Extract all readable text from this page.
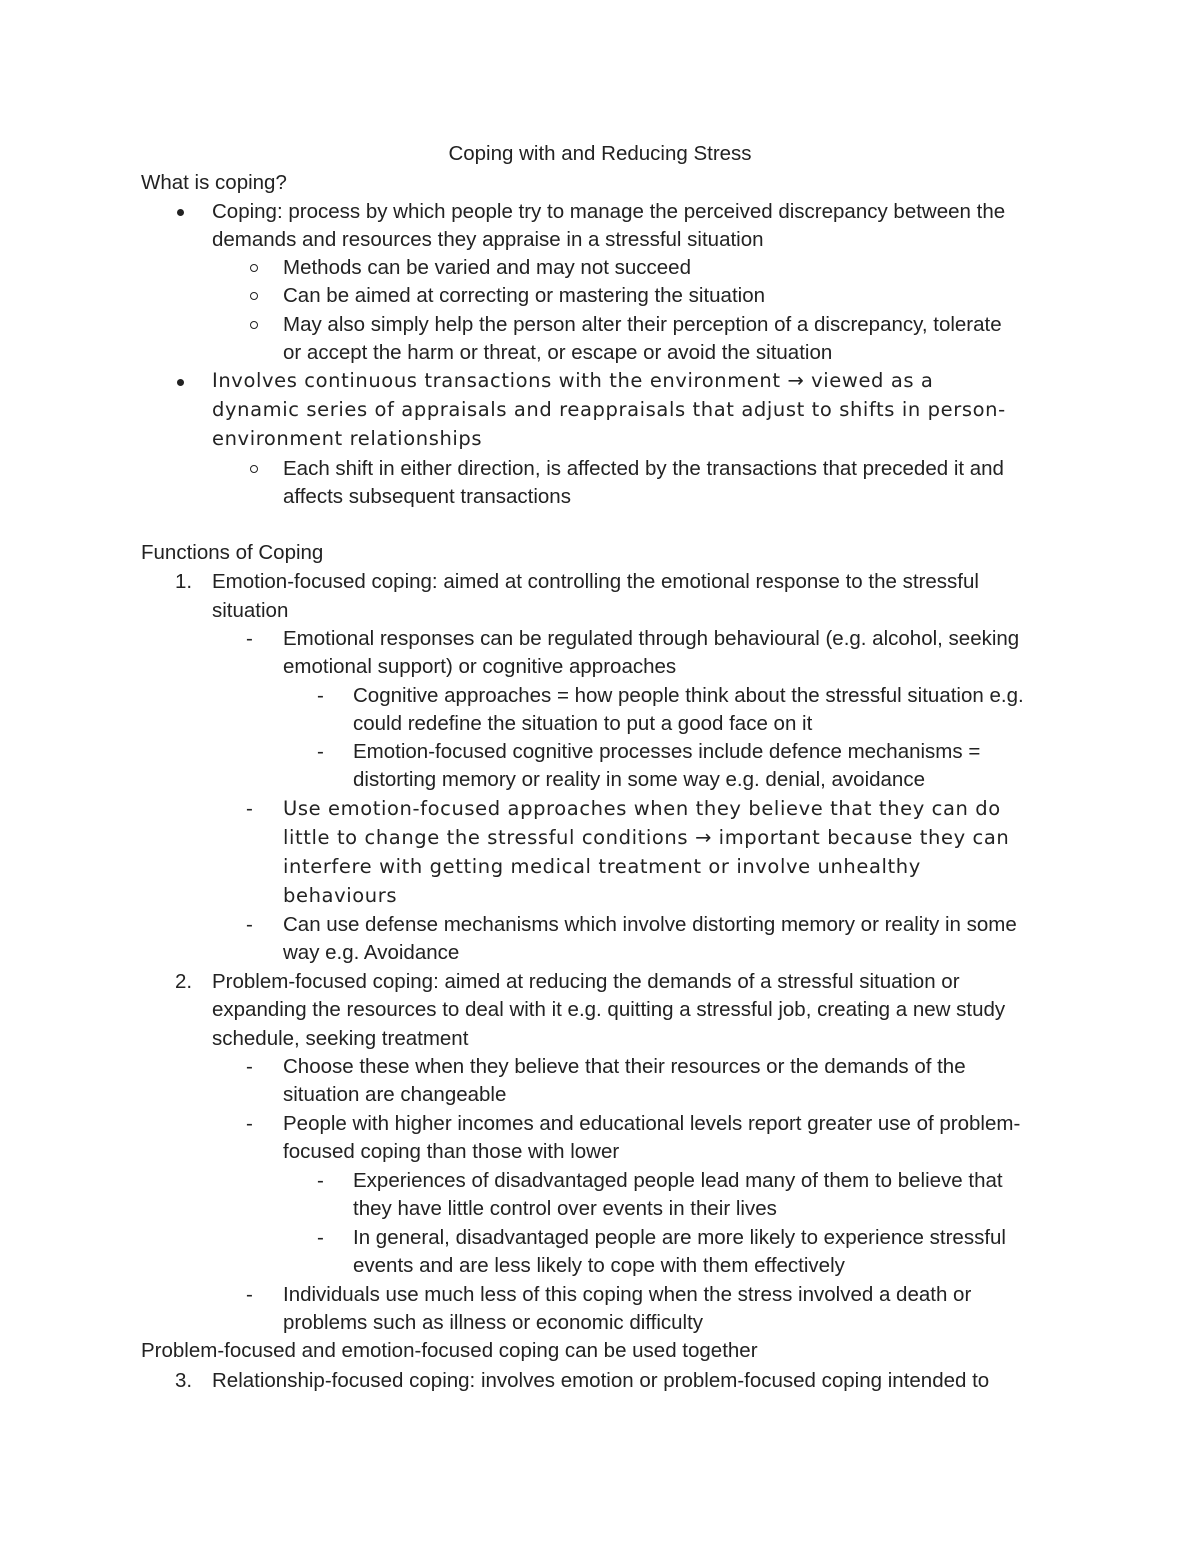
Coping with and Reducing Stress
What is coping?
Coping: process by which people try to manage the perceived discrepancy between the
demands and resources they appraise in a stressful situation
Methods can be varied and may not succeed
Can be aimed at correcting or mastering the situation
May also simply help the person alter their perception of a discrepancy, tolerate
or accept the harm or threat, or escape or avoid the situation
Involves continuous transactions with the environment → viewed as a
dynamic series of appraisals and reappraisals that adjust to shifts in person-
environment relationships
Each shift in either direction, is affected by the transactions that preceded it and
affects subsequent transactions
Functions of Coping
1. Emotion-focused coping: aimed at controlling the emotional response to the stressful
situation
- Emotional responses can be regulated through behavioural (e.g. alcohol, seeking
emotional support) or cognitive approaches
- Cognitive approaches = how people think about the stressful situation e.g.
could redefine the situation to put a good face on it
- Emotion-focused cognitive processes include defence mechanisms =
distorting memory or reality in some way e.g. denial, avoidance
- Use emotion-focused approaches when they believe that they can do
little to change the stressful conditions → important because they can
interfere with getting medical treatment or involve unhealthy
behaviours
- Can use defense mechanisms which involve distorting memory or reality in some
way e.g. Avoidance
2. Problem-focused coping: aimed at reducing the demands of a stressful situation or
expanding the resources to deal with it e.g. quitting a stressful job, creating a new study
schedule, seeking treatment
- Choose these when they believe that their resources or the demands of the
situation are changeable
- People with higher incomes and educational levels report greater use of problem-
focused coping than those with lower
- Experiences of disadvantaged people lead many of them to believe that
they have little control over events in their lives
- In general, disadvantaged people are more likely to experience stressful
events and are less likely to cope with them effectively
- Individuals use much less of this coping when the stress involved a death or
problems such as illness or economic difficulty
Problem-focused and emotion-focused coping can be used together
3. Relationship-focused coping: involves emotion or problem-focused coping intended to
